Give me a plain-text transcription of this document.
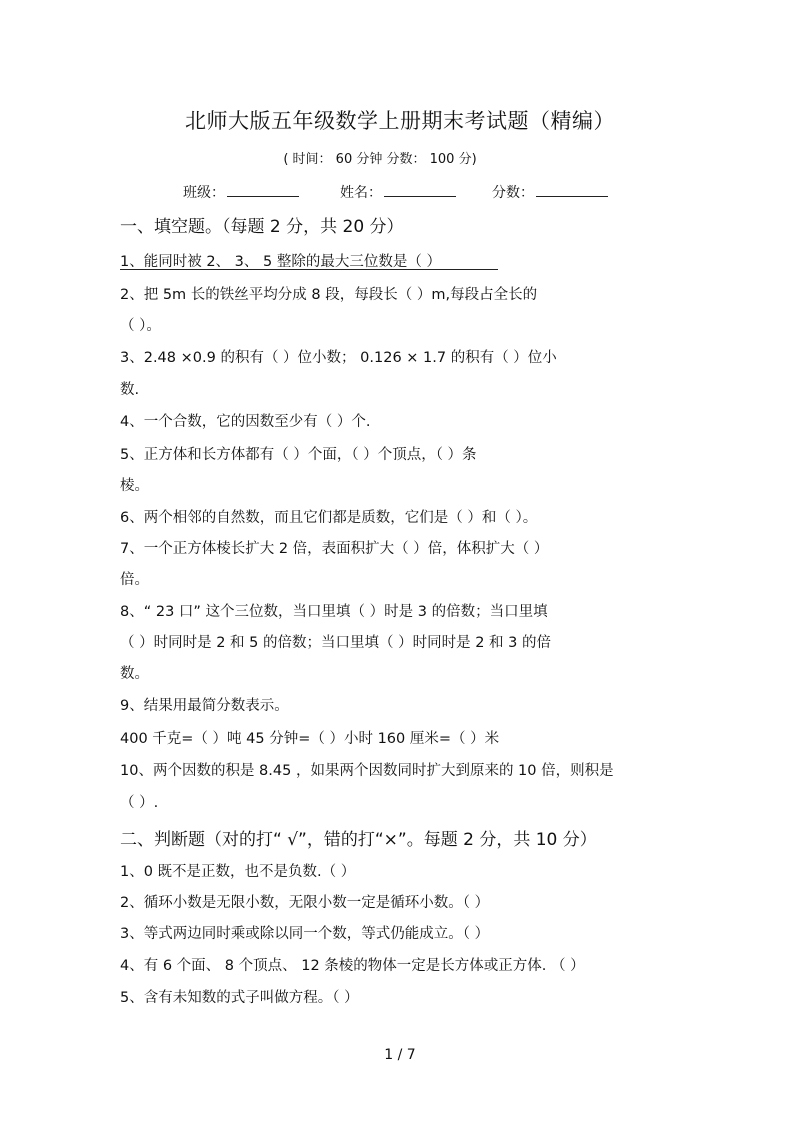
北师大版五年级数学上册期末考试题（精编）
( 时间： 60 分钟 分数： 100 分)
班级：	姓名：	分数：
一、填空题。（每题 2 分，共 20 分）
1、能同时被 2、 3、 5 整除的最大三位数是（ ）
2、把 5m 长的铁丝平均分成 8 段，每段长（ ）m,每段占全长的
（ ）。
3、2.48 ×0.9 的积有（ ）位小数； 0.126 × 1.7 的积有（ ）位小
数.
4、一个合数，它的因数至少有（ ）个.
5、正方体和长方体都有（ ）个面，（ ）个顶点，（ ）条
棱。
6、两个相邻的自然数，而且它们都是质数，它们是（ ）和（ ）。
7、一个正方体棱长扩大 2 倍，表面积扩大（ ）倍，体积扩大（ ）
倍。
8、“ 23 口” 这个三位数，当口里填（ ）时是 3 的倍数；当口里填
（ ）时同时是 2 和 5 的倍数；当口里填（ ）时同时是 2 和 3 的倍
数。
9、结果用最简分数表示。
400 千克=（ ）吨 45 分钟=（ ）小时 160 厘米=（ ）米
10、两个因数的积是 8.45 ，如果两个因数同时扩大到原来的 10 倍，则积是
（ ）.
二、判断题（对的打“ √”，错的打“×”。每题 2 分，共 10 分）
1、0 既不是正数，也不是负数.（ ）
2、循环小数是无限小数，无限小数一定是循环小数。（ ）
3、等式两边同时乘或除以同一个数，等式仍能成立。（ ）
4、有 6 个面、 8 个顶点、 12 条棱的物体一定是长方体或正方体. （ ）
5、含有未知数的式子叫做方程。（ ）
1 / 7
